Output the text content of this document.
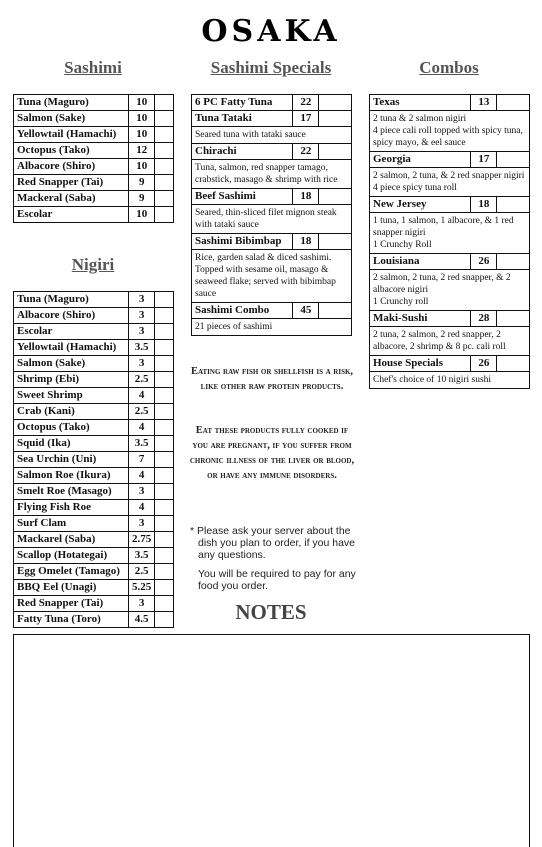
OSAKA
Sashimi	Sashimi Specials	Combos
Tuna (Maguro)	10	
Salmon (Sake)	10	
Yellowtail (Hamachi)	10	
Octopus (Tako)	12	
Albacore (Shiro)	10	
Red Snapper (Tai)	9	
Mackeral (Saba)	9	
Escolar	10	
Nigiri
Tuna (Maguro)	3	
Albacore (Shiro)	3	
Escolar	3	
Yellowtail (Hamachi)	3.5	
Salmon (Sake)	3	
Shrimp (Ebi)	2.5	
Sweet Shrimp	4	
Crab (Kani)	2.5	
Octopus (Tako)	4	
Squid (Ika)	3.5	
Sea Urchin (Uni)	7	
Salmon Roe (Ikura)	4	
Smelt Roe (Masago)	3	
Flying Fish Roe	4	
Surf Clam	3	
Mackarel (Saba)	2.75	
Scallop (Hotategai)	3.5	
Egg Omelet (Tamago)	2.5	
BBQ Eel (Unagi)	5.25	
Red Snapper (Tai)	3	
Fatty Tuna (Toro)	4.5	
6 PC Fatty Tuna	22	
Tuna Tataki	17	
Seared tuna with tataki sauce		
Chirachi	22	
Tuna, salmon, red snapper tamago, crabstick, masago & shrimp with rice		
Beef Sashimi	18	
Seared, thin-sliced filet mignon steak with tataki sauce		
Sashimi Bibimbap	18	
Rice, garden salad & diced sashimi. Topped with sesame oil, masago & seaweed flake; served with bibimbap sauce		
Sashimi Combo	45	
21 pieces of sashimi		
Texas	13	
2 tuna & 2 salmon nigiri
4 piece cali roll topped with spicy tuna, spicy mayo, & eel sauce		
Georgia	17	
2 salmon, 2 tuna, & 2 red snapper nigiri
4 piece spicy tuna roll		
New Jersey	18	
1 tuna, 1 salmon, 1 albacore, & 1 red snapper nigiri
1 Crunchy Roll		
Louisiana	26	
2 salmon, 2 tuna, 2 red snapper, & 2 albacore nigiri
1 Crunchy roll		
Maki-Sushi	28	
2 tuna, 2 salmon, 2 red snapper, 2 albacore, 2 shrimp & 8 pc. cali roll		
House Specials	26	
Chef's choice of 10 nigiri sushi		
Eating raw fish or shellfish is a risk, like other raw protein products.
Eat these products fully cooked if you are pregnant, if you suffer from chronic illness of the liver or blood, or have any immune disorders.
* Please ask your server about the dish you plan to order, if you have any questions.
You will be required to pay for any food you order.
NOTES
